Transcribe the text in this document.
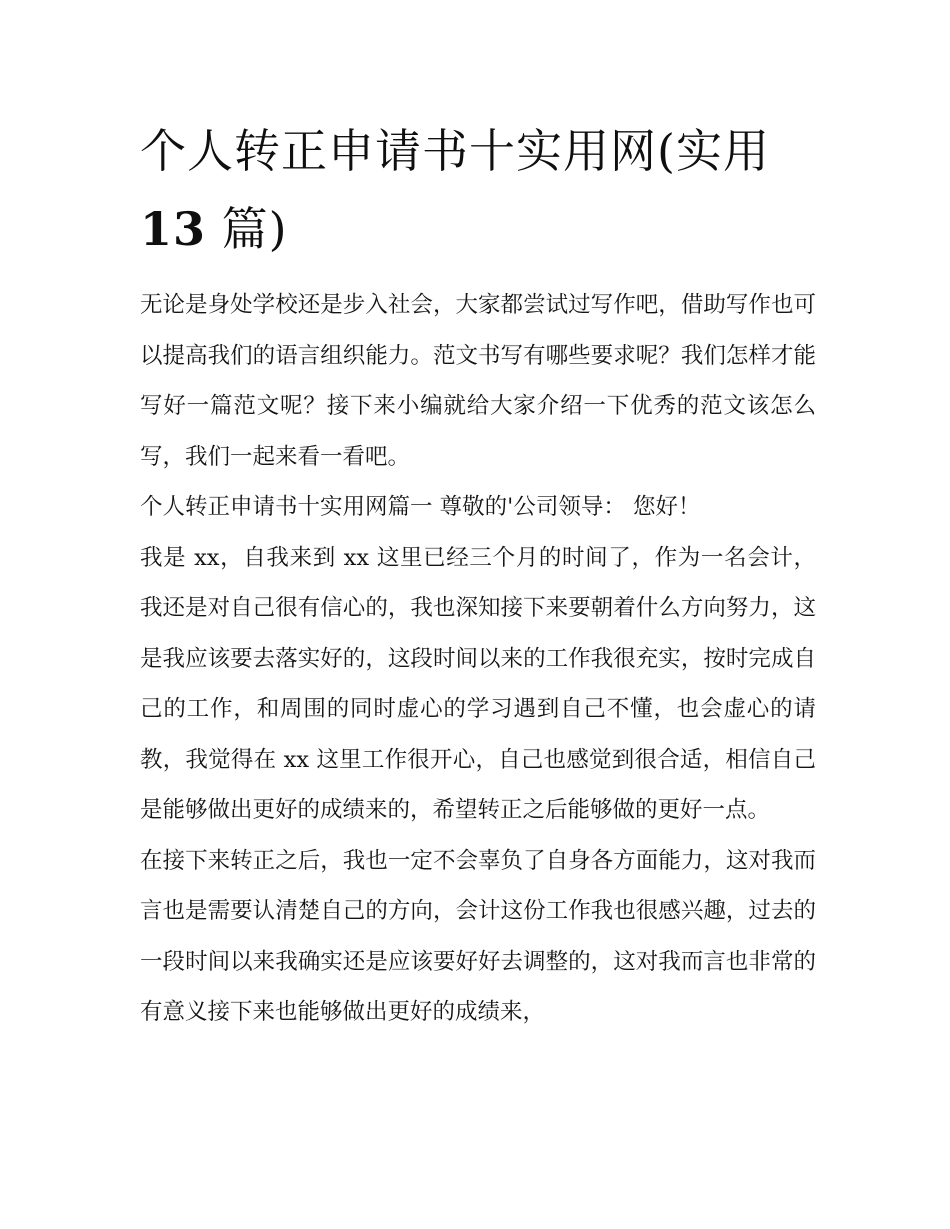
个人转正申请书十实用网(实用
13 篇)

无论是身处学校还是步入社会，大家都尝试过写作吧，借助写作也可以提高我们的语言组织能力。范文书写有哪些要求呢？我们怎样才能写好一篇范文呢？接下来小编就给大家介绍一下优秀的范文该怎么写，我们一起来看一看吧。

个人转正申请书十实用网篇一 尊敬的'公司领导： 您好！

我是 xx，自我来到 xx 这里已经三个月的时间了，作为一名会计，我还是对自己很有信心的，我也深知接下来要朝着什么方向努力，这是我应该要去落实好的，这段时间以来的工作我很充实，按时完成自己的工作，和周围的同时虚心的学习遇到自己不懂，也会虚心的请教，我觉得在 xx 这里工作很开心，自己也感觉到很合适，相信自己是能够做出更好的成绩来的，希望转正之后能够做的更好一点。

在接下来转正之后，我也一定不会辜负了自身各方面能力，这对我而言也是需要认清楚自己的方向，会计这份工作我也很感兴趣，过去的一段时间以来我确实还是应该要好好去调整的，这对我而言也非常的有意义接下来也能够做出更好的成绩来，
